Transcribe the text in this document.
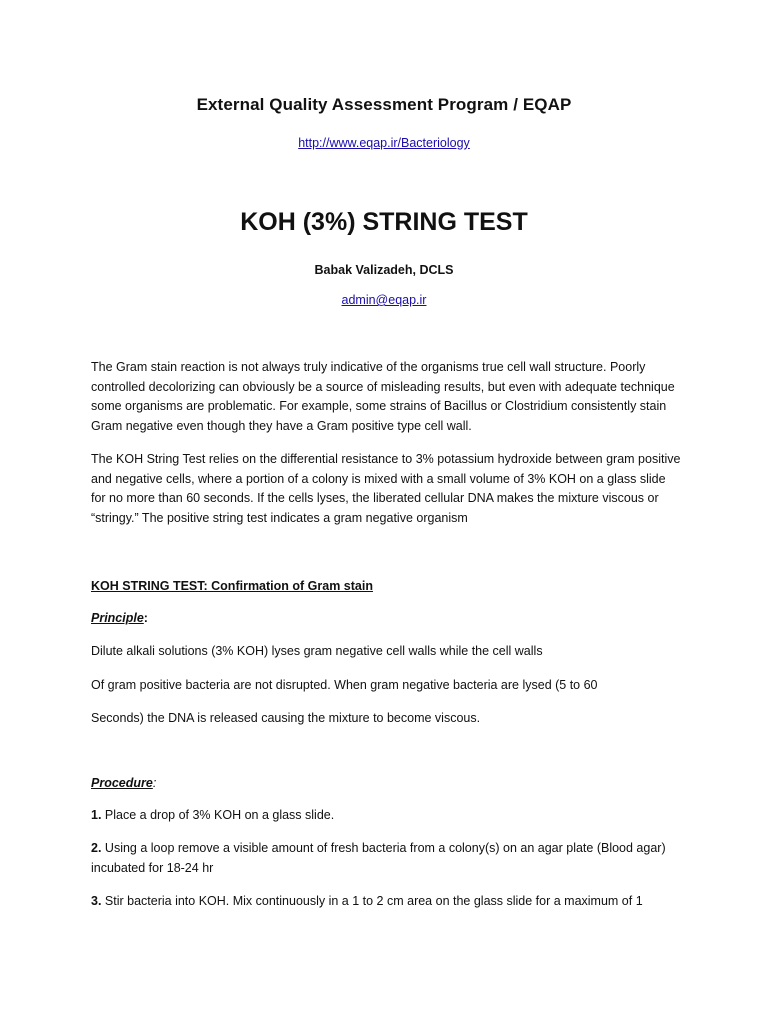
External Quality Assessment Program / EQAP
http://www.eqap.ir/Bacteriology
KOH (3%) STRING TEST
Babak Valizadeh, DCLS
admin@eqap.ir
The Gram stain reaction is not always truly indicative of the organisms true cell wall structure. Poorly controlled decolorizing can obviously be a source of misleading results, but even with adequate technique some organisms are problematic. For example, some strains of Bacillus or Clostridium consistently stain Gram negative even though they have a Gram positive type cell wall.
The KOH String Test relies on the differential resistance to 3% potassium hydroxide between gram positive and negative cells, where a portion of a colony is mixed with a small volume of 3% KOH on a glass slide for no more than 60 seconds. If the cells lyses, the liberated cellular DNA makes the mixture viscous or “stringy.” The positive string test indicates a gram negative organism
KOH STRING TEST: Confirmation of Gram stain
Principle:
Dilute alkali solutions (3% KOH) lyses gram negative cell walls while the cell walls
Of gram positive bacteria are not disrupted. When gram negative bacteria are lysed (5 to 60
Seconds) the DNA is released causing the mixture to become viscous.
Procedure:
1. Place a drop of 3% KOH on a glass slide.
2. Using a loop remove a visible amount of fresh bacteria from a colony(s) on an agar plate (Blood agar) incubated for 18-24 hr
3. Stir bacteria into KOH. Mix continuously in a 1 to 2 cm area on the glass slide for a maximum of 1
